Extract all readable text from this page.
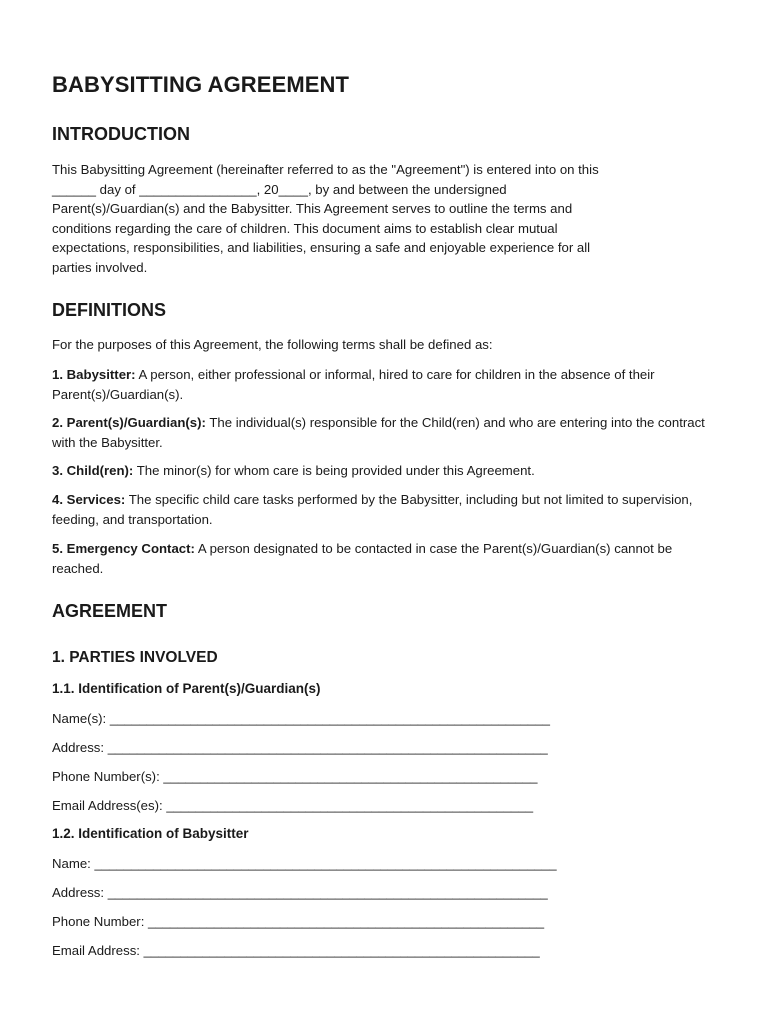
BABYSITTING AGREEMENT
INTRODUCTION
This Babysitting Agreement (hereinafter referred to as the "Agreement") is entered into on this
______ day of ________________, 20____, by and between the undersigned
Parent(s)/Guardian(s) and the Babysitter. This Agreement serves to outline the terms and
conditions regarding the care of children. This document aims to establish clear mutual
expectations, responsibilities, and liabilities, ensuring a safe and enjoyable experience for all
parties involved.
DEFINITIONS

For the purposes of this Agreement, the following terms shall be defined as:

1. Babysitter: A person, either professional or informal, hired to care for children in the absence of their Parent(s)/Guardian(s).

2. Parent(s)/Guardian(s): The individual(s) responsible for the Child(ren) and who are entering into the contract with the Babysitter.

3. Child(ren): The minor(s) for whom care is being provided under this Agreement.

4. Services: The specific child care tasks performed by the Babysitter, including but not limited to supervision, feeding, and transportation.

5. Emergency Contact: A person designated to be contacted in case the Parent(s)/Guardian(s) cannot be reached.

AGREEMENT
1. PARTIES INVOLVED
1.1. Identification of Parent(s)/Guardian(s)
Name(s): ____________________________________________________________
Address: ____________________________________________________________
Phone Number(s): ___________________________________________________
Email Address(es): __________________________________________________
1.2. Identification of Babysitter
Name: _______________________________________________________________
Address: ____________________________________________________________
Phone Number: ______________________________________________________
Email Address: ______________________________________________________
